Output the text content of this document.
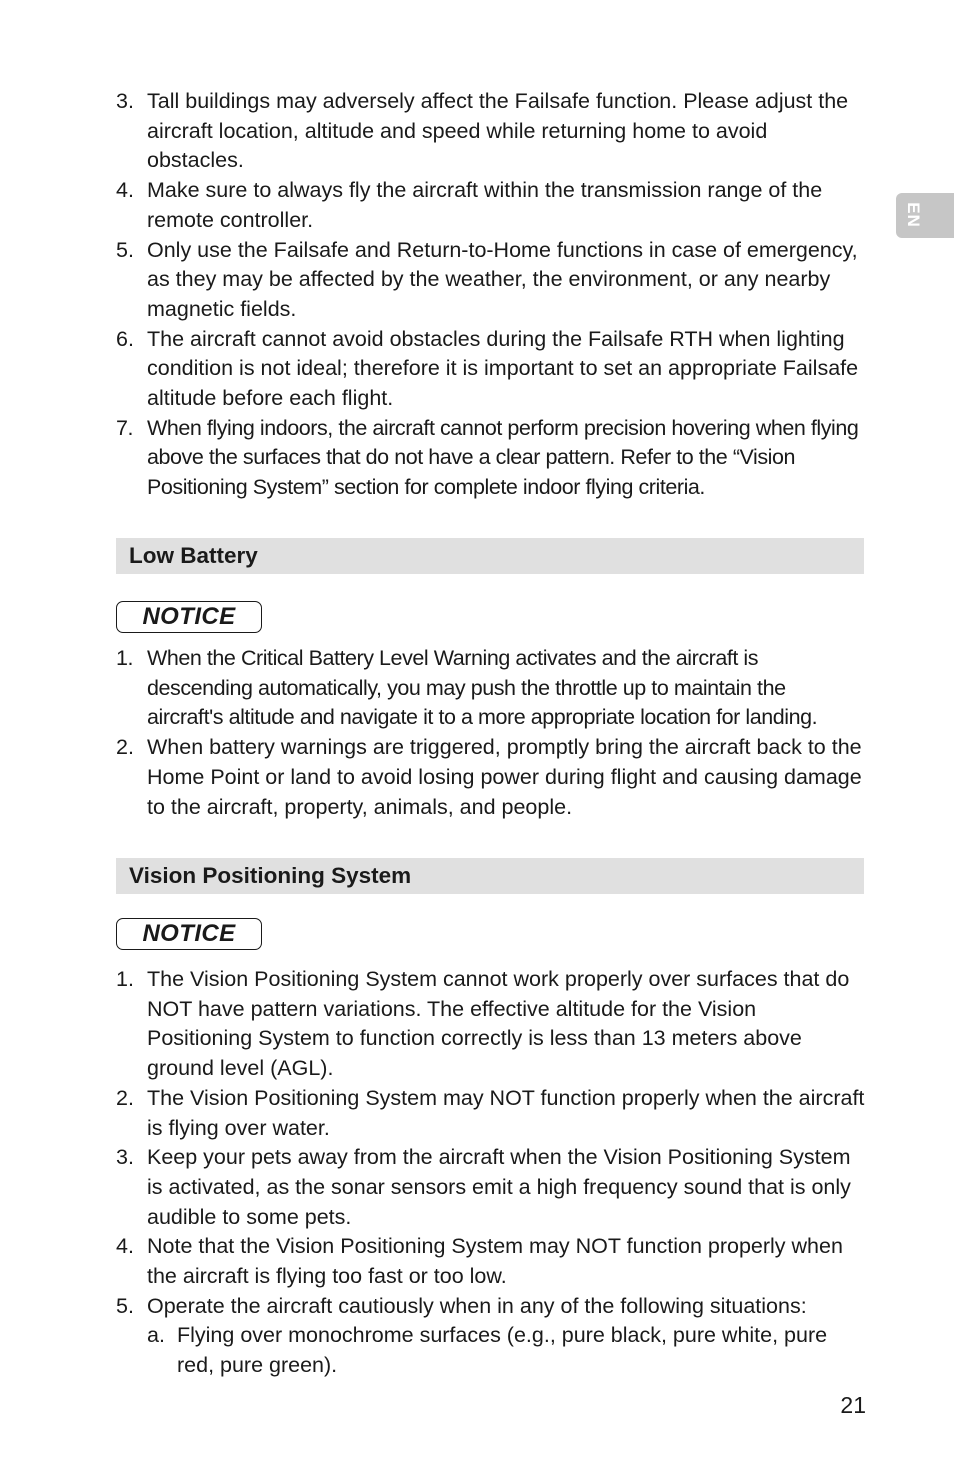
EN
3. Tall buildings may adversely affect the Failsafe function. Please adjust the aircraft location, altitude and speed while returning home to avoid obstacles.
4. Make sure to always fly the aircraft within the transmission range of the remote controller.
5. Only use the Failsafe and Return-to-Home functions in case of emergency, as they may be affected by the weather, the environment, or any nearby magnetic fields.
6. The aircraft cannot avoid obstacles during the Failsafe RTH when lighting condition is not ideal; therefore it is important to set an appropriate Failsafe altitude before each flight.
7. When flying indoors, the aircraft cannot perform precision hovering when flying above the surfaces that do not have a clear pattern. Refer to the “Vision Positioning System” section for complete indoor flying criteria.
Low Battery
NOTICE
1. When the Critical Battery Level Warning activates and the aircraft is descending automatically, you may push the throttle up to maintain the aircraft's altitude and navigate it to a more appropriate location for landing.
2. When battery warnings are triggered, promptly bring the aircraft back to the Home Point or land to avoid losing power during flight and causing damage to the aircraft, property, animals, and people.
Vision Positioning System
NOTICE
1. The Vision Positioning System cannot work properly over surfaces that do NOT have pattern variations. The effective altitude for the Vision Positioning System to function correctly is less than 13 meters above ground level (AGL).
2. The Vision Positioning System may NOT function properly when the aircraft is flying over water.
3. Keep your pets away from the aircraft when the Vision Positioning System is activated, as the sonar sensors emit a high frequency sound that is only audible to some pets.
4. Note that the Vision Positioning System may NOT function properly when the aircraft is flying too fast or too low.
5. Operate the aircraft cautiously when in any of the following situations:
a. Flying over monochrome surfaces (e.g., pure black, pure white, pure red, pure green).
21
